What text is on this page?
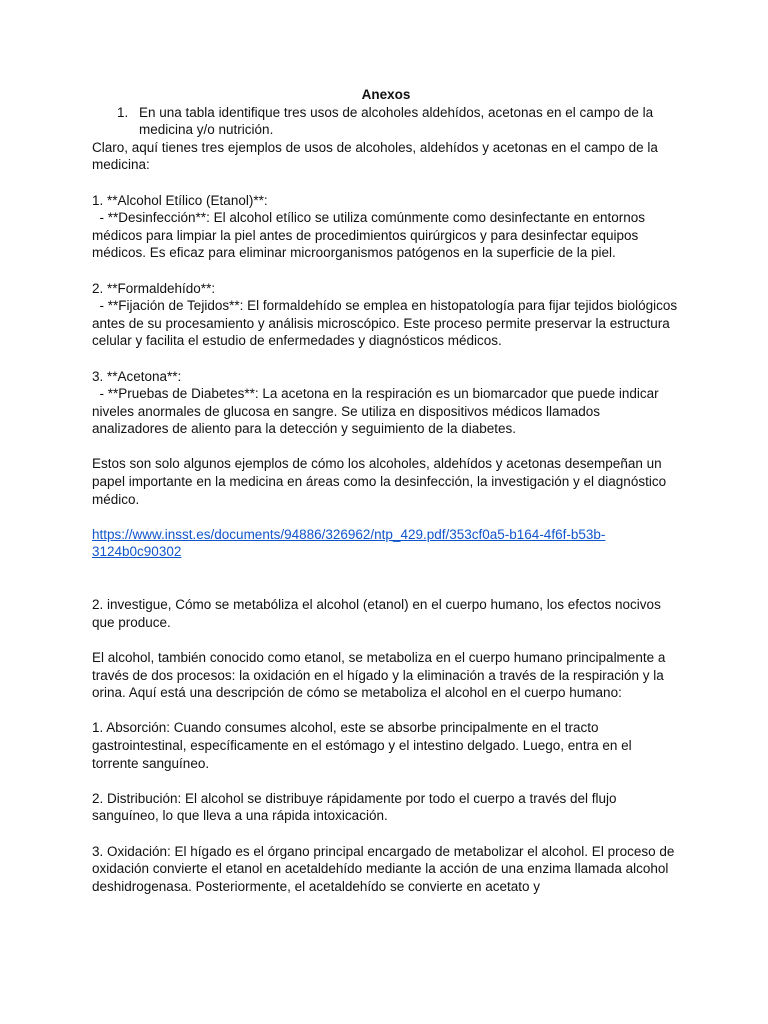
Anexos

1. En una tabla identifique tres usos de alcoholes aldehídos, acetonas en el campo de la medicina y/o nutrición.

Claro, aquí tienes tres ejemplos de usos de alcoholes, aldehídos y acetonas en el campo de la medicina:

1. **Alcohol Etílico (Etanol)**:

- **Desinfección**: El alcohol etílico se utiliza comúnmente como desinfectante en entornos médicos para limpiar la piel antes de procedimientos quirúrgicos y para desinfectar equipos médicos. Es eficaz para eliminar microorganismos patógenos en la superficie de la piel.

2. **Formaldehído**:

- **Fijación de Tejidos**: El formaldehído se emplea en histopatología para fijar tejidos biológicos antes de su procesamiento y análisis microscópico. Este proceso permite preservar la estructura celular y facilita el estudio de enfermedades y diagnósticos médicos.

3. **Acetona**:

- **Pruebas de Diabetes**: La acetona en la respiración es un biomarcador que puede indicar niveles anormales de glucosa en sangre. Se utiliza en dispositivos médicos llamados analizadores de aliento para la detección y seguimiento de la diabetes.

Estos son solo algunos ejemplos de cómo los alcoholes, aldehídos y acetonas desempeñan un papel importante en la medicina en áreas como la desinfección, la investigación y el diagnóstico médico.

https://www.insst.es/documents/94886/326962/ntp_429.pdf/353cf0a5-b164-4f6f-b53b-3124b0c90302

2. investigue, Cómo se metabóliza el alcohol (etanol) en el cuerpo humano, los efectos nocivos que produce.

El alcohol, también conocido como etanol, se metaboliza en el cuerpo humano principalmente a través de dos procesos: la oxidación en el hígado y la eliminación a través de la respiración y la orina. Aquí está una descripción de cómo se metaboliza el alcohol en el cuerpo humano:

1. Absorción: Cuando consumes alcohol, este se absorbe principalmente en el tracto gastrointestinal, específicamente en el estómago y el intestino delgado. Luego, entra en el torrente sanguíneo.

2. Distribución: El alcohol se distribuye rápidamente por todo el cuerpo a través del flujo sanguíneo, lo que lleva a una rápida intoxicación.

3. Oxidación: El hígado es el órgano principal encargado de metabolizar el alcohol. El proceso de oxidación convierte el etanol en acetaldehído mediante la acción de una enzima llamada alcohol deshidrogenasa. Posteriormente, el acetaldehído se convierte en acetato y
